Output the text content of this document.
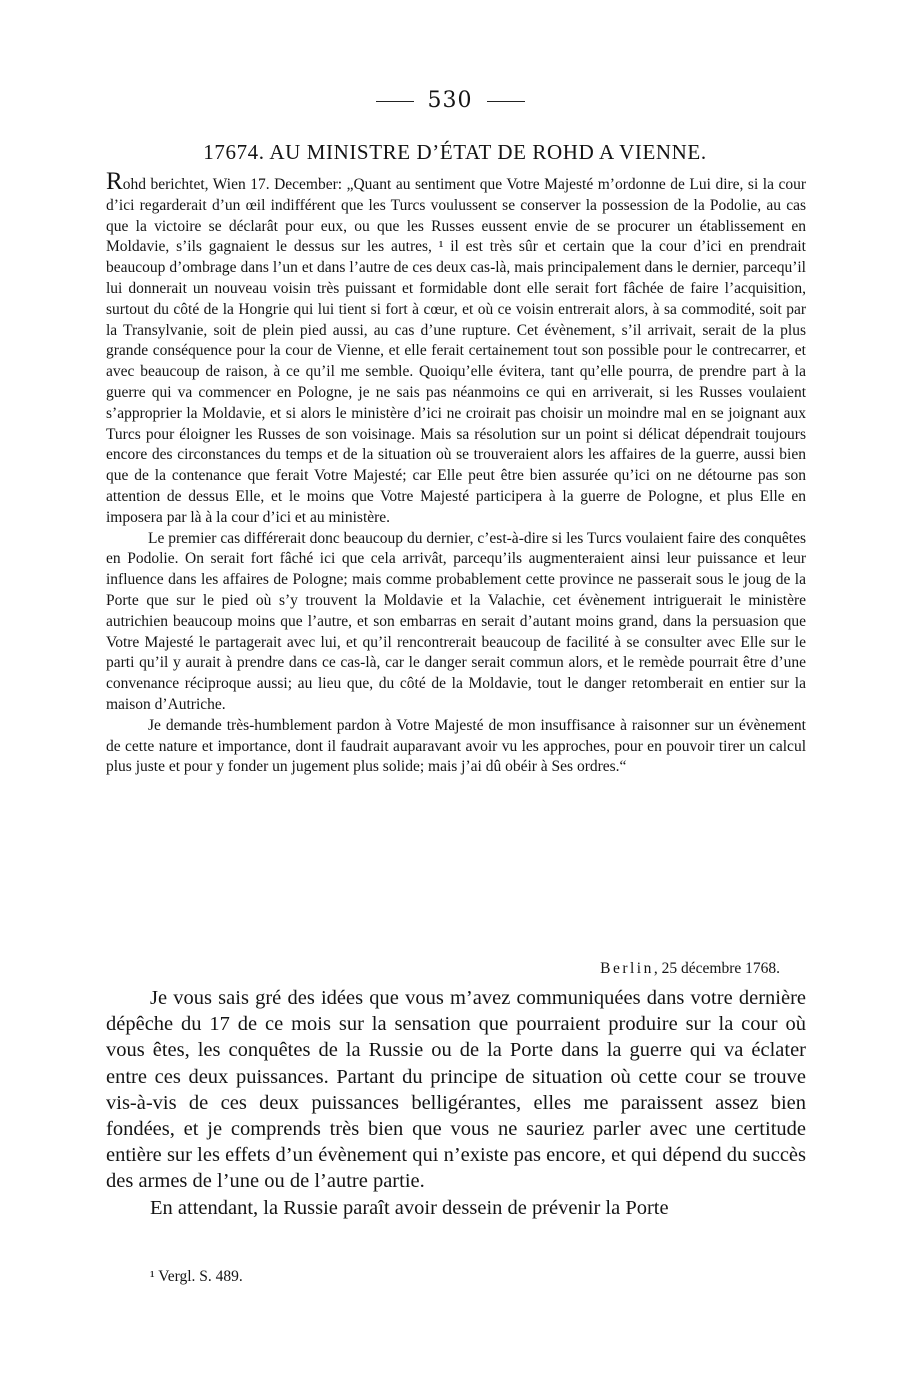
530
17674. AU MINISTRE D’ÉTAT DE ROHD A VIENNE.

Rohd berichtet, Wien 17. December: „Quant au sentiment que Votre Majesté m’ordonne de Lui dire, si la cour d’ici regarderait d’un œil indifférent que les Turcs voulussent se conserver la possession de la Podolie, au cas que la victoire se déclarât pour eux, ou que les Russes eussent envie de se procurer un établissement en Moldavie, s’ils gagnaient le dessus sur les autres, ¹ il est très sûr et certain que la cour d’ici en prendrait beaucoup d’ombrage dans l’un et dans l’autre de ces deux cas-là, mais principalement dans le dernier, parcequ’il lui donnerait un nouveau voisin très puissant et formidable dont elle serait fort fâchée de faire l’acquisition, surtout du côté de la Hongrie qui lui tient si fort à cœur, et où ce voisin entrerait alors, à sa commodité, soit par la Transylvanie, soit de plein pied aussi, au cas d’une rupture. Cet évènement, s’il arrivait, serait de la plus grande conséquence pour la cour de Vienne, et elle ferait certainement tout son possible pour le contrecarrer, et avec beaucoup de raison, à ce qu’il me semble. Quoiqu’elle évitera, tant qu’elle pourra, de prendre part à la guerre qui va commencer en Pologne, je ne sais pas néanmoins ce qui en arriverait, si les Russes voulaient s’approprier la Moldavie, et si alors le ministère d’ici ne croirait pas choisir un moindre mal en se joignant aux Turcs pour éloigner les Russes de son voisinage. Mais sa résolution sur un point si délicat dépendrait toujours encore des circonstances du temps et de la situation où se trouveraient alors les affaires de la guerre, aussi bien que de la contenance que ferait Votre Majesté; car Elle peut être bien assurée qu’ici on ne détourne pas son attention de dessus Elle, et le moins que Votre Majesté participera à la guerre de Pologne, et plus Elle en imposera par là à la cour d’ici et au ministère.

Le premier cas différerait donc beaucoup du dernier, c’est-à-dire si les Turcs voulaient faire des conquêtes en Podolie. On serait fort fâché ici que cela arrivât, parcequ’ils augmenteraient ainsi leur puissance et leur influence dans les affaires de Pologne; mais comme probablement cette province ne passerait sous le joug de la Porte que sur le pied où s’y trouvent la Moldavie et la Valachie, cet évènement intriguerait le ministère autrichien beaucoup moins que l’autre, et son embarras en serait d’autant moins grand, dans la persuasion que Votre Majesté le partagerait avec lui, et qu’il rencontrerait beaucoup de facilité à se consulter avec Elle sur le parti qu’il y aurait à prendre dans ce cas-là, car le danger serait commun alors, et le remède pourrait être d’une convenance réciproque aussi; au lieu que, du côté de la Moldavie, tout le danger retomberait en entier sur la maison d’Autriche.

Je demande très-humblement pardon à Votre Majesté de mon insuffisance à raisonner sur un évènement de cette nature et importance, dont il faudrait auparavant avoir vu les approches, pour en pouvoir tirer un calcul plus juste et pour y fonder un jugement plus solide; mais j’ai dû obéir à Ses ordres.“

Berlin, 25 décembre 1768.

Je vous sais gré des idées que vous m’avez communiquées dans votre dernière dépêche du 17 de ce mois sur la sensation que pourraient produire sur la cour où vous êtes, les conquêtes de la Russie ou de la Porte dans la guerre qui va éclater entre ces deux puissances. Partant du principe de situation où cette cour se trouve vis-à-vis de ces deux puissances belligérantes, elles me paraissent assez bien fondées, et je comprends très bien que vous ne sauriez parler avec une certitude entière sur les effets d’un évènement qui n’existe pas encore, et qui dépend du succès des armes de l’une ou de l’autre partie.

En attendant, la Russie paraît avoir dessein de prévenir la Porte

¹ Vergl. S. 489.
